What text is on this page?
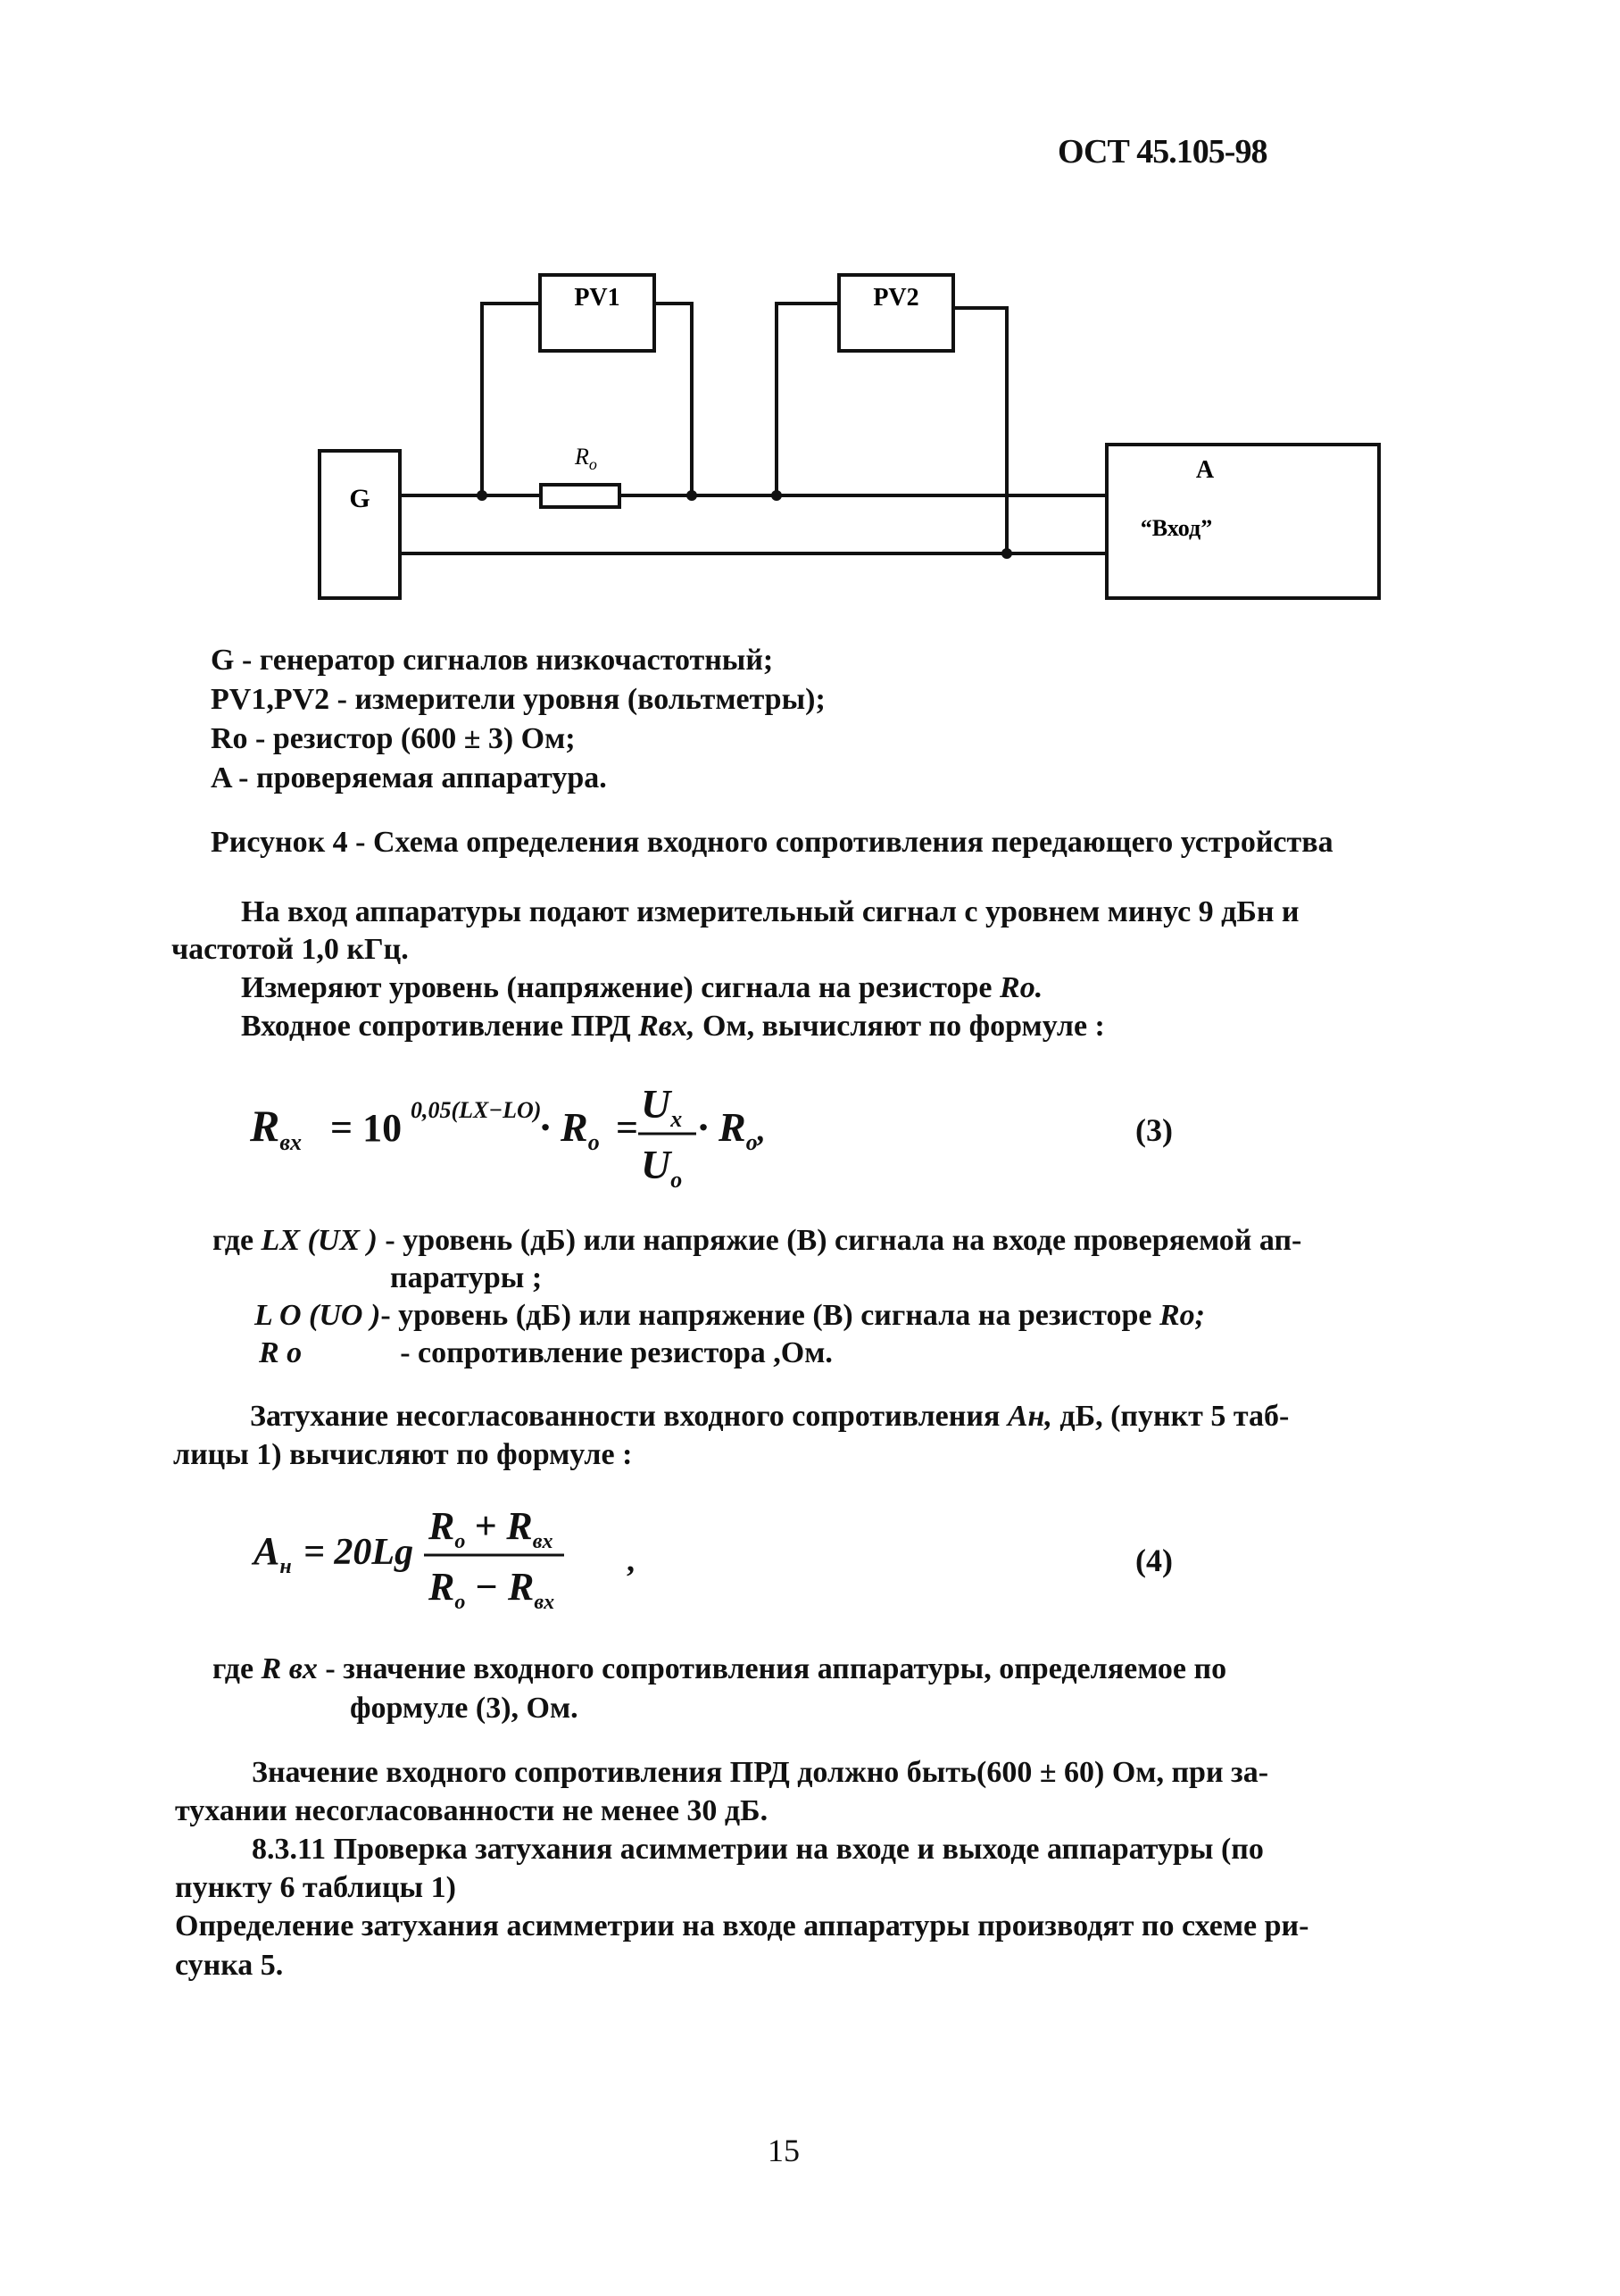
ОСТ 45.105-98
PV1	PV2
G
$R_o$	A
“Вход”
G - генератор сигналов низкочастотный;
PV1,PV2 - измерители уровня (вольтметры);
Ro - резистор (600 ± 3) Ом;
A - проверяемая аппаратура.
Рисунок 4 - Схема определения входного сопротивления передающего устройства
На вход аппаратуры подают измерительный сигнал с уровнем минус 9 дБн и
частотой 1,0 кГц.
Измеряют уровень (напряжение) сигнала на резисторе Ro.
Входное сопротивление ПРД Rвх, Ом, вычисляют по формуле :
$R_{вх} = 10$ 0,05(LX−LO)
· $R_o$ =
$U_x$
$U_o$
· $R_o^,$	(3)
где LX (UX ) - уровень (дБ) или напряжие (В) сигнала на входе проверяемой ап-
паратуры ;
L O (UO )- уровень (дБ) или напряжение (В) сигнала на резисторе Ro;
R o	- сопротивление резистора ,Ом.
Затухание несогласованности входного сопротивления Aн, дБ, (пункт 5 таб-
лицы 1) вычисляют по формуле :
$A_н = 20Lg$
$R_o + R_{вх}$
$R_o - R_{вх}$
,	(4)
где R вх - значение входного сопротивления аппаратуры, определяемое по
формуле (3), Ом.
Значение входного сопротивления ПРД должно быть(600 ± 60) Ом, при за-
тухании несогласованности не менее 30 дБ.
8.3.11 Проверка затухания асимметрии на входе и выходе аппаратуры (по
пункту 6 таблицы 1)
Определение затухания асимметрии на входе аппаратуры производят по схеме ри-
сунка 5.
15
